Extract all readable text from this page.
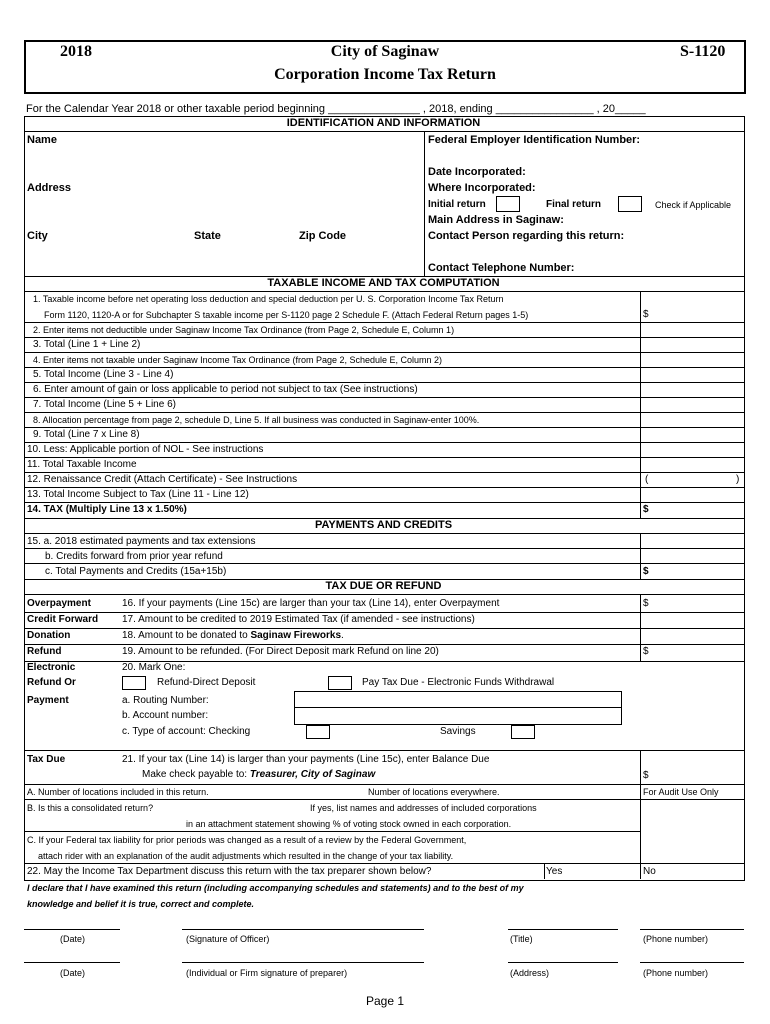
2018	City of Saginaw
Corporation Income Tax Return
S-1120
For the Calendar Year 2018 or other taxable period beginning _______________ , 2018, ending ________________ , 20_____
IDENTIFICATION AND INFORMATION
Name
Address
City	State	Zip Code
Federal Employer Identification Number:
Date Incorporated:
Where Incorporated:
Initial return	Final return	Check if Applicable
Main Address in Saginaw:
Contact Person regarding this return:
Contact Telephone Number:
TAXABLE INCOME AND TAX COMPUTATION
1. Taxable income before net operating loss deduction and special deduction per U. S. Corporation Income Tax Return
Form 1120, 1120-A or for Subchapter S taxable income per S-1120 page 2 Schedule F. (Attach Federal Return pages 1-5)	$
2. Enter items not deductible under Saginaw Income Tax Ordinance (from Page 2, Schedule E, Column 1)
3. Total (Line 1 + Line 2)
4. Enter items not taxable under Saginaw Income Tax Ordinance (from Page 2, Schedule E, Column 2)
5. Total Income (Line 3 - Line 4)
6. Enter amount of gain or loss applicable to period not subject to tax (See instructions)
7. Total Income (Line 5 + Line 6)
8. Allocation percentage from page 2, schedule D, Line 5. If all business was conducted in Saginaw-enter 100%.
9. Total (Line 7 x Line 8)
10. Less: Applicable portion of NOL - See instructions
11. Total Taxable Income
12. Renaissance Credit (Attach Certificate) - See Instructions	(	)
13. Total Income Subject to Tax (Line 11 - Line 12)
14. TAX (Multiply Line 13 x 1.50%)	$
PAYMENTS AND CREDITS
15. a. 2018 estimated payments and tax extensions
b. Credits forward from prior year refund
c. Total Payments and Credits (15a+15b)	$
TAX DUE OR REFUND
Overpayment	16. If your payments (Line 15c) are larger than your tax (Line 14), enter Overpayment	$
Credit Forward 17. Amount to be credited to 2019 Estimated Tax (if amended - see instructions)
Donation	18. Amount to be donated to Saginaw Fireworks.
Refund	19. Amount to be refunded. (For Direct Deposit mark Refund on line 20)	$
Electronic
Refund Or
Payment
20. Mark One:
Refund-Direct Deposit	Pay Tax Due - Electronic Funds Withdrawal
a. Routing Number:
b. Account number:
c. Type of account: Checking	Savings
Tax Due	21. If your tax (Line 14) is larger than your payments (Line 15c), enter Balance Due
Make check payable to: Treasurer, City of Saginaw	$
A. Number of locations included in this return.	Number of locations everywhere.	For Audit Use Only
B. Is this a consolidated return?	If yes, list names and addresses of included corporations
in an attachment statement showing % of voting stock owned in each corporation.
C. If your Federal tax liability for prior periods was changed as a result of a review by the Federal Government,
attach rider with an explanation of the audit adjustments which resulted in the change of your tax liability.
22. May the Income Tax Department discuss this return with the tax preparer shown below?	Yes	No
I declare that I have examined this return (including accompanying schedules and statements) and to the best of my
knowledge and belief it is true, correct and complete.
(Date)	(Signature of Officer)	(Title)	(Phone number)
(Date)	(Individual or Firm signature of preparer)	(Address)	(Phone number)
Page 1
